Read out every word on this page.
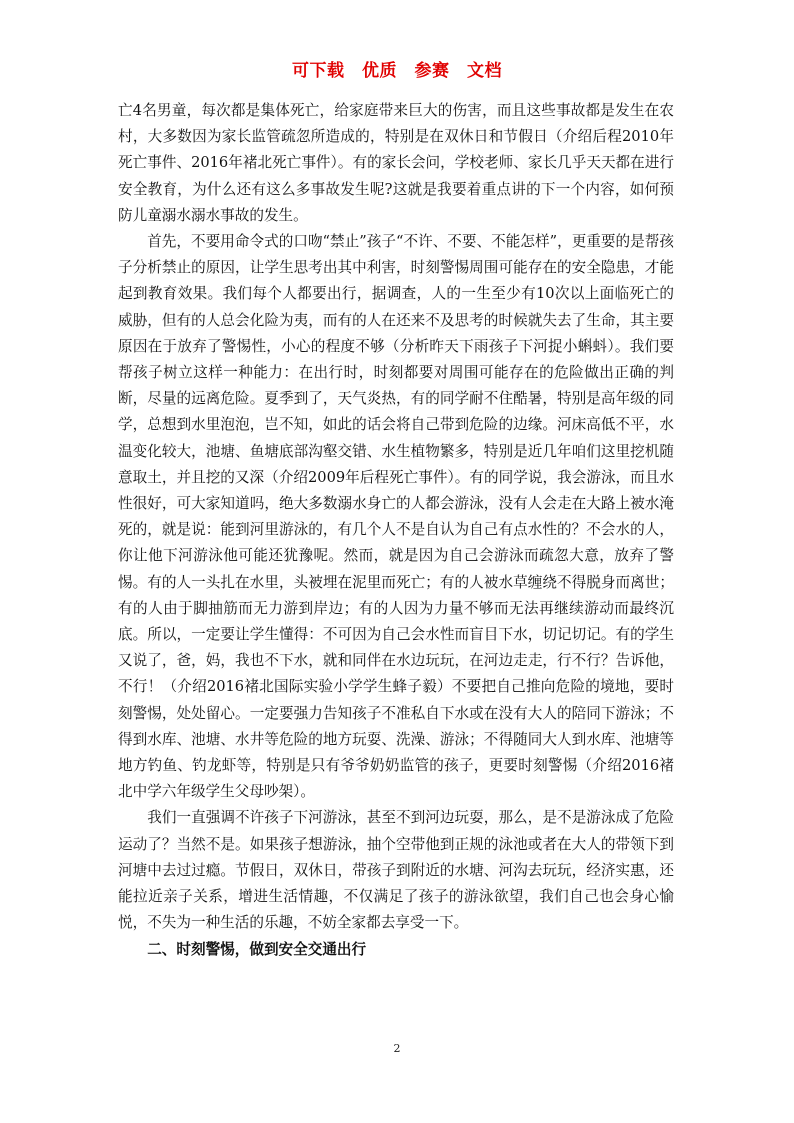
可下载　优质　参赛　文档

亡4名男童，每次都是集体死亡，给家庭带来巨大的伤害，而且这些事故都是发生在农村，大多数因为家长监管疏忽所造成的，特别是在双休日和节假日（介绍后程2010年死亡事件、2016年褚北死亡事件）。有的家长会问，学校老师、家长几乎天天都在进行安全教育，为什么还有这么多事故发生呢?这就是我要着重点讲的下一个内容，如何预防儿童溺水溺水事故的发生。

首先，不要用命令式的口吻“禁止”孩子“不许、不要、不能怎样”，更重要的是帮孩子分析禁止的原因，让学生思考出其中利害，时刻警惕周围可能存在的安全隐患，才能起到教育效果。我们每个人都要出行，据调查，人的一生至少有10次以上面临死亡的威胁，但有的人总会化险为夷，而有的人在还来不及思考的时候就失去了生命，其主要原因在于放弃了警惕性，小心的程度不够（分析昨天下雨孩子下河捉小蝌蚪）。我们要帮孩子树立这样一种能力：在出行时，时刻都要对周围可能存在的危险做出正确的判断，尽量的远离危险。夏季到了，天气炎热，有的同学耐不住酷暑，特别是高年级的同学，总想到水里泡泡，岂不知，如此的话会将自己带到危险的边缘。河床高低不平，水温变化较大，池塘、鱼塘底部沟壑交错、水生植物繁多，特别是近几年咱们这里挖机随意取土，并且挖的又深（介绍2009年后程死亡事件）。有的同学说，我会游泳，而且水性很好，可大家知道吗，绝大多数溺水身亡的人都会游泳，没有人会走在大路上被水淹死的，就是说：能到河里游泳的，有几个人不是自认为自己有点水性的？不会水的人，你让他下河游泳他可能还犹豫呢。然而，就是因为自己会游泳而疏忽大意，放弃了警惕。有的人一头扎在水里，头被埋在泥里而死亡；有的人被水草缠绕不得脱身而离世；有的人由于脚抽筋而无力游到岸边；有的人因为力量不够而无法再继续游动而最终沉底。所以，一定要让学生懂得：不可因为自己会水性而盲目下水，切记切记。有的学生又说了，爸，妈，我也不下水，就和同伴在水边玩玩，在河边走走，行不行？告诉他，不行！（介绍2016褚北国际实验小学学生蜂子毅）不要把自己推向危险的境地，要时刻警惕，处处留心。一定要强力告知孩子不准私自下水或在没有大人的陪同下游泳；不得到水库、池塘、水井等危险的地方玩耍、洗澡、游泳；不得随同大人到水库、池塘等地方钓鱼、钓龙虾等，特别是只有爷爷奶奶监管的孩子，更要时刻警惕（介绍2016褚北中学六年级学生父母吵架）。

我们一直强调不许孩子下河游泳，甚至不到河边玩耍，那么，是不是游泳成了危险运动了？当然不是。如果孩子想游泳，抽个空带他到正规的泳池或者在大人的带领下到河塘中去过过瘾。节假日，双休日，带孩子到附近的水塘、河沟去玩玩，经济实惠，还能拉近亲子关系，增进生活情趣，不仅满足了孩子的游泳欲望，我们自己也会身心愉悦，不失为一种生活的乐趣，不妨全家都去享受一下。

二、时刻警惕，做到安全交通出行

2
